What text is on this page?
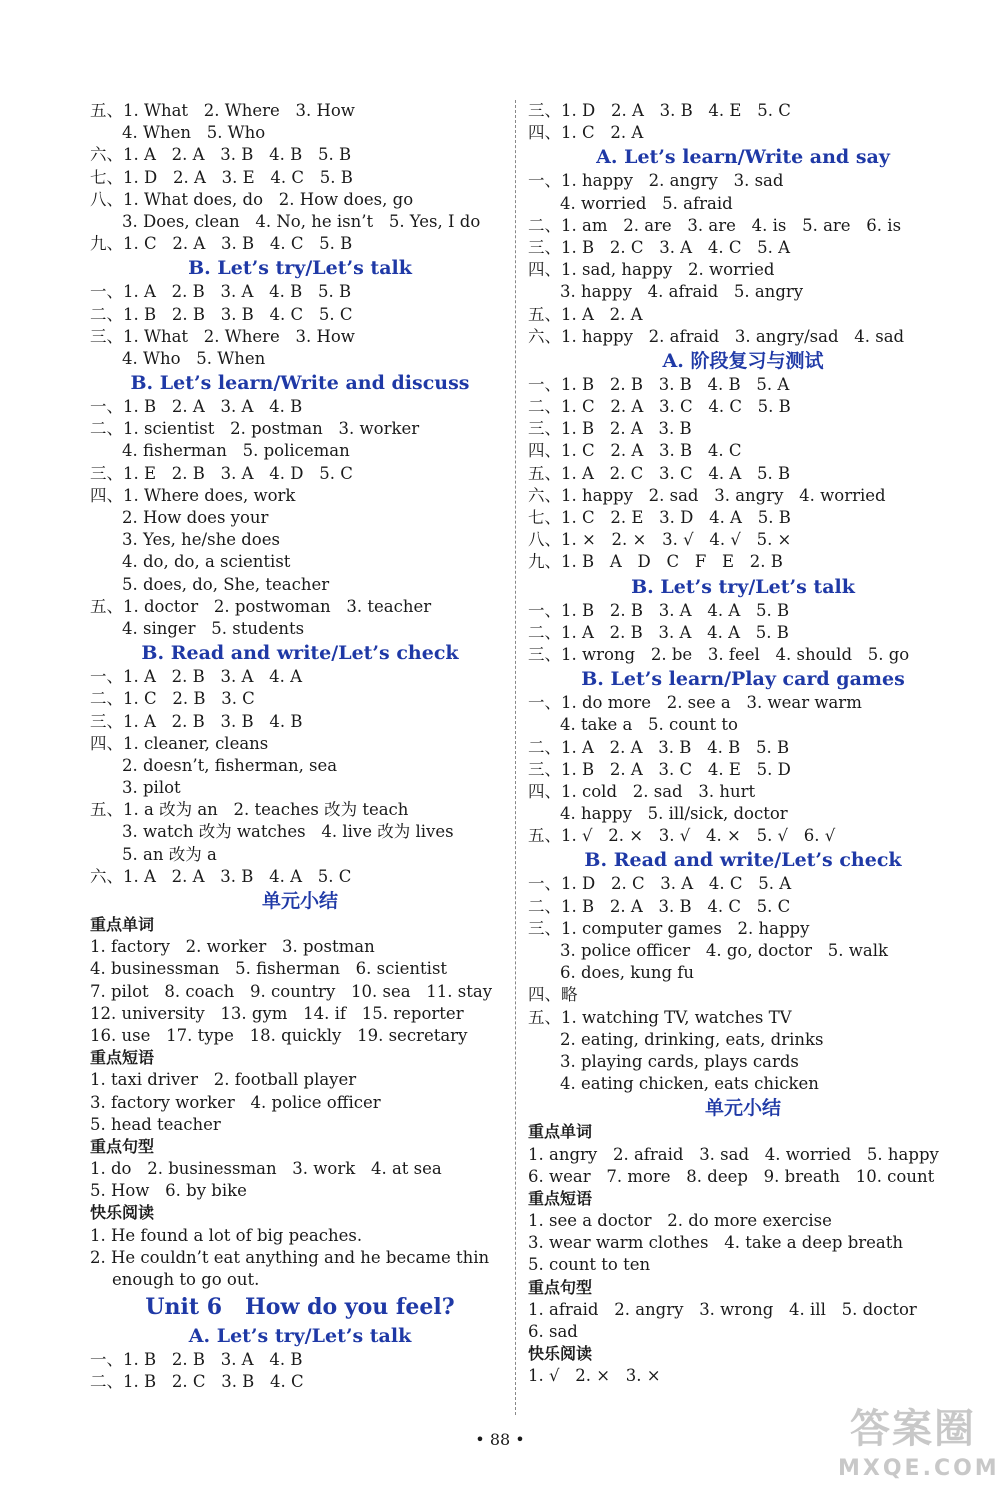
五、1. What   2. Where   3. How
4. When   5. Who
六、1. A   2. A   3. B   4. B   5. B
七、1. D   2. A   3. E   4. C   5. B
八、1. What does, do   2. How does, go
3. Does, clean   4. No, he isn’t   5. Yes, I do
九、1. C   2. A   3. B   4. C   5. B
B. Let’s try/Let’s talk
一、1. A   2. B   3. A   4. B   5. B
二、1. B   2. B   3. B   4. C   5. C
三、1. What   2. Where   3. How
4. Who   5. When
B. Let’s learn/Write and discuss
一、1. B   2. A   3. A   4. B
二、1. scientist   2. postman   3. worker
4. fisherman   5. policeman
三、1. E   2. B   3. A   4. D   5. C
四、1. Where does, work
2. How does your
3. Yes, he/she does
4. do, do, a scientist
5. does, do, She, teacher
五、1. doctor   2. postwoman   3. teacher
4. singer   5. students
B. Read and write/Let’s check
一、1. A   2. B   3. A   4. A
二、1. C   2. B   3. C
三、1. A   2. B   3. B   4. B
四、1. cleaner, cleans
2. doesn’t, fisherman, sea
3. pilot
五、1. a 改为 an   2. teaches 改为 teach
3. watch 改为 watches   4. live 改为 lives
5. an 改为 a
六、1. A   2. A   3. B   4. A   5. C
单元小结
重点单词
1. factory   2. worker   3. postman
4. businessman   5. fisherman   6. scientist
7. pilot   8. coach   9. country   10. sea   11. stay
12. university   13. gym   14. if   15. reporter
16. use   17. type   18. quickly   19. secretary
重点短语
1. taxi driver   2. football player
3. factory worker   4. police officer
5. head teacher
重点句型
1. do   2. businessman   3. work   4. at sea
5. How   6. by bike
快乐阅读
1. He found a lot of big peaches.
2. He couldn’t eat anything and he became thin
enough to go out.
Unit 6   How do you feel?
A. Let’s try/Let’s talk
一、1. B   2. B   3. A   4. B
二、1. B   2. C   3. B   4. C
三、1. D   2. A   3. B   4. E   5. C
四、1. C   2. A
A. Let’s learn/Write and say
一、1. happy   2. angry   3. sad
4. worried   5. afraid
二、1. am   2. are   3. are   4. is   5. are   6. is
三、1. B   2. C   3. A   4. C   5. A
四、1. sad, happy   2. worried
3. happy   4. afraid   5. angry
五、1. A   2. A
六、1. happy   2. afraid   3. angry/sad   4. sad
A. 阶段复习与测试
一、1. B   2. B   3. B   4. B   5. A
二、1. C   2. A   3. C   4. C   5. B
三、1. B   2. A   3. B
四、1. C   2. A   3. B   4. C
五、1. A   2. C   3. C   4. A   5. B
六、1. happy   2. sad   3. angry   4. worried
七、1. C   2. E   3. D   4. A   5. B
八、1. ×   2. ×   3. √   4. √   5. ×
九、1. B   A   D   C   F   E   2. B
B. Let’s try/Let’s talk
一、1. B   2. B   3. A   4. A   5. B
二、1. A   2. B   3. A   4. A   5. B
三、1. wrong   2. be   3. feel   4. should   5. go
B. Let’s learn/Play card games
一、1. do more   2. see a   3. wear warm
4. take a   5. count to
二、1. A   2. A   3. B   4. B   5. B
三、1. B   2. A   3. C   4. E   5. D
四、1. cold   2. sad   3. hurt
4. happy   5. ill/sick, doctor
五、1. √   2. ×   3. √   4. ×   5. √   6. √
B. Read and write/Let’s check
一、1. D   2. C   3. A   4. C   5. A
二、1. B   2. A   3. B   4. C   5. C
三、1. computer games   2. happy
3. police officer   4. go, doctor   5. walk
6. does, kung fu
四、略
五、1. watching TV, watches TV
2. eating, drinking, eats, drinks
3. playing cards, plays cards
4. eating chicken, eats chicken
单元小结
重点单词
1. angry   2. afraid   3. sad   4. worried   5. happy
6. wear   7. more   8. deep   9. breath   10. count
重点短语
1. see a doctor   2. do more exercise
3. wear warm clothes   4. take a deep breath
5. count to ten
重点句型
1. afraid   2. angry   3. wrong   4. ill   5. doctor
6. sad
快乐阅读
1. √   2. ×   3. ×
• 88 •	答案圈
MXQE.COM
